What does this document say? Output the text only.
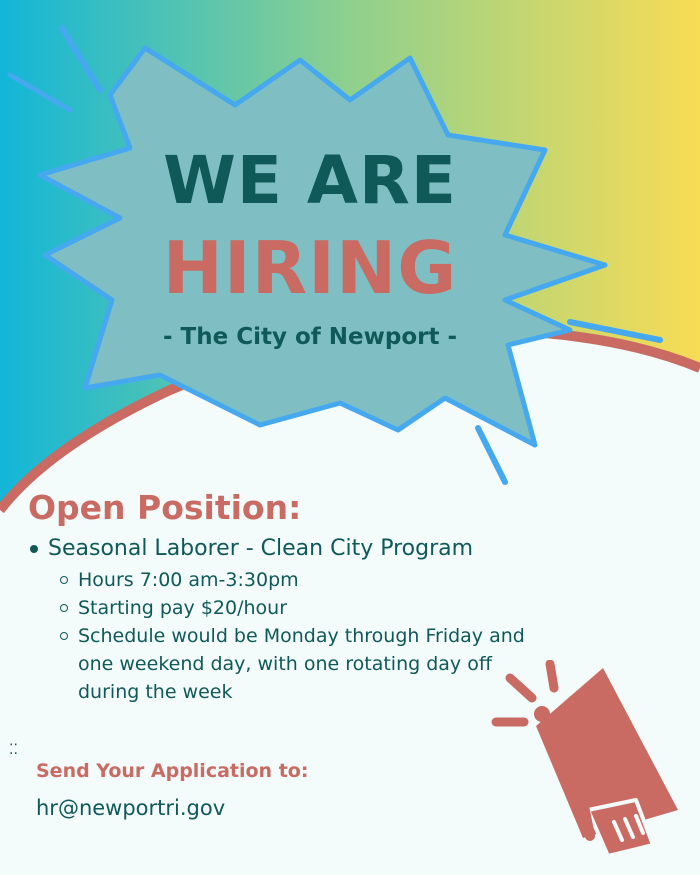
WE ARE
HIRING

- The City of Newport -

Open Position:
Seasonal Laborer - Clean City Program
Hours 7:00 am-3:30pm
Starting pay $20/hour
Schedule would be Monday through Friday and one weekend day, with one rotating day off during the week
⁚⁚
Send Your Application to:

hr@newportri.gov
